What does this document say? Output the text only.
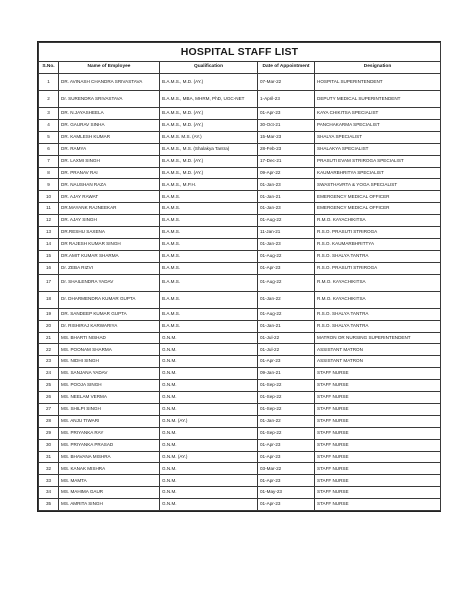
HOSPITAL STAFF LIST				
S.No.	Name of Employee	Qualification	Date of Appointment	Designation
1	DR. AVINASH CHANDRA SRIVASTAVA	B.A.M.S., M.D. (AY.)	07-Mar-22	HOSPITAL SUPERINTENDENT
2	Dr. SURENDRA SRIVASTAVA	B.A.M.S., MBA, MHRM, PhD, UGC-NET	1-April-23	DEPUTY MEDICAL SUPERINTENDENT
3	DR. N.JAYASHEELA	B.A.M.S., M.D. (AY.)	01-Apr-23	KAYA CHIKITSA SPECIALIST
4	DR. GAURAV SINHA	B.A.M.S., M.D. (AY.)	30-Oct-21	PANCHAKARMA SPECIALIST
5	DR. KAMLESH KUMAR	B.A.M.S. M.S. (AY.)	15-Mar-23	SHALYA SPECIALIST
6	DR. RAMYA	B.A.M.S., M.S. (Shalakya Tantra)	28-Feb-23	SHALAKYA SPECIALIST
7	DR. LAXMI SINGH	B.A.M.S., M.D. (AY.)	17-Dec-21	PRASUTI EVAM STRIROGA SPECIALIST
8	DR. PRANAV RAI	B.A.M.S., M.D. (AY.)	09-Apr-22	KAUMARBHRITYA SPECIALIST
9	DR. NAUSHAN RAZA	B.A.M.S., M.P.H.	01-Jan-23	SWASTHAVRTA & YOGA SPECIALIST
10	DR. AJAY RAWAT	B.A.M.S.	01-Jan-21	EMERGENCY MEDICAL OFFICER
11	DR.MAYANK RAJNEEKAR	B.A.M.S.	01-Jan-23	EMERGENCY MEDICAL OFFICER
12	DR. AJAY SINGH	B.A.M.S.	01-Aug-22	R.M.O. KAYACHIKITSA
13	DR.RESHU SAXENA	B.A.M.S.	11-Jan-21	R.S.O. PRASUTI STRIROGA
14	DR RAJESH KUMAR SINGH	B.A.M.S.	01-Jan-23	R.S.O. KAUMARBHRITTYA
15	DR.AMIT KUMAR SHARMA	B.A.M.S.	01-Aug-22	R.S.O. SHALYA TANTRA
16	Dr. ZEBA RIZVI	B.A.M.S.	01-Apr-23	R.S.O. PRASUTI STRIROGA
17	Dr. SHAILENDRA YADAV	B.A.M.S.	01-Aug-22	R.M.O. KAYACHIKITSA
18	Dr. DHARMENDRA KUMAR GUPTA	B.A.M.S.	01-Jan-22	R.M.O. KAYACHIKITSA
19	DR. SANDEEP KUMAR GUPTA	B.A.M.S.	01-Aug-22	R.S.O. SHALYA TANTRA
20	Dr. RISHIRAJ KARWARIYA	B.A.M.S.	01-Jan-21	R.S.O. SHALYA TANTRA
21	MS. BHARTI NISHAD	G.N.M.	01-Jul-22	MATRON OR NURSING SUPERINTENDENT
22	MS. POONAM SHARMA	G.N.M.	01-Jul-22	ASSISTANT MATRON
23	MS. NIDHI SINGH	G.N.M.	01-Apr-23	ASSISTANT MATRON
24	MS. SANJANA YADAV	G.N.M.	09-Jan-21	STAFF NURSE
25	MS. POOJA SINGH	G.N.M.	01-Sep-22	STAFF NURSE
26	MS. NEELAM VERMA	G.N.M.	01-Sep-22	STAFF NURSE
27	MS. SHILPI SINGH	G.N.M.	01-Sep-22	STAFF NURSE
28	MS. ANJU TIWARI	G.N.M. (AY.)	01-Jan-22	STAFF NURSE
29	MS. PRIYANKA RAY	G.N.M.	01-Sep-22	STAFF NURSE
30	MS. PRIYANKA PRASAD	G.N.M.	01-Apr-23	STAFF NURSE
31	MS. BHAVANA MISHRA	G.N.M. (AY.)	01-Apr-23	STAFF NURSE
32	MS. KANAK MISHRA	G.N.M.	03-Mar-22	STAFF NURSE
33	MS. MAMTA	G.N.M.	01-Apr-23	STAFF NURSE
34	MS. MAHIMA GAUR	G.N.M.	01-May-23	STAFF NURSE
35	MS. AMRITA SINGH	G.N.M.	01-Apr-23	STAFF NURSE
